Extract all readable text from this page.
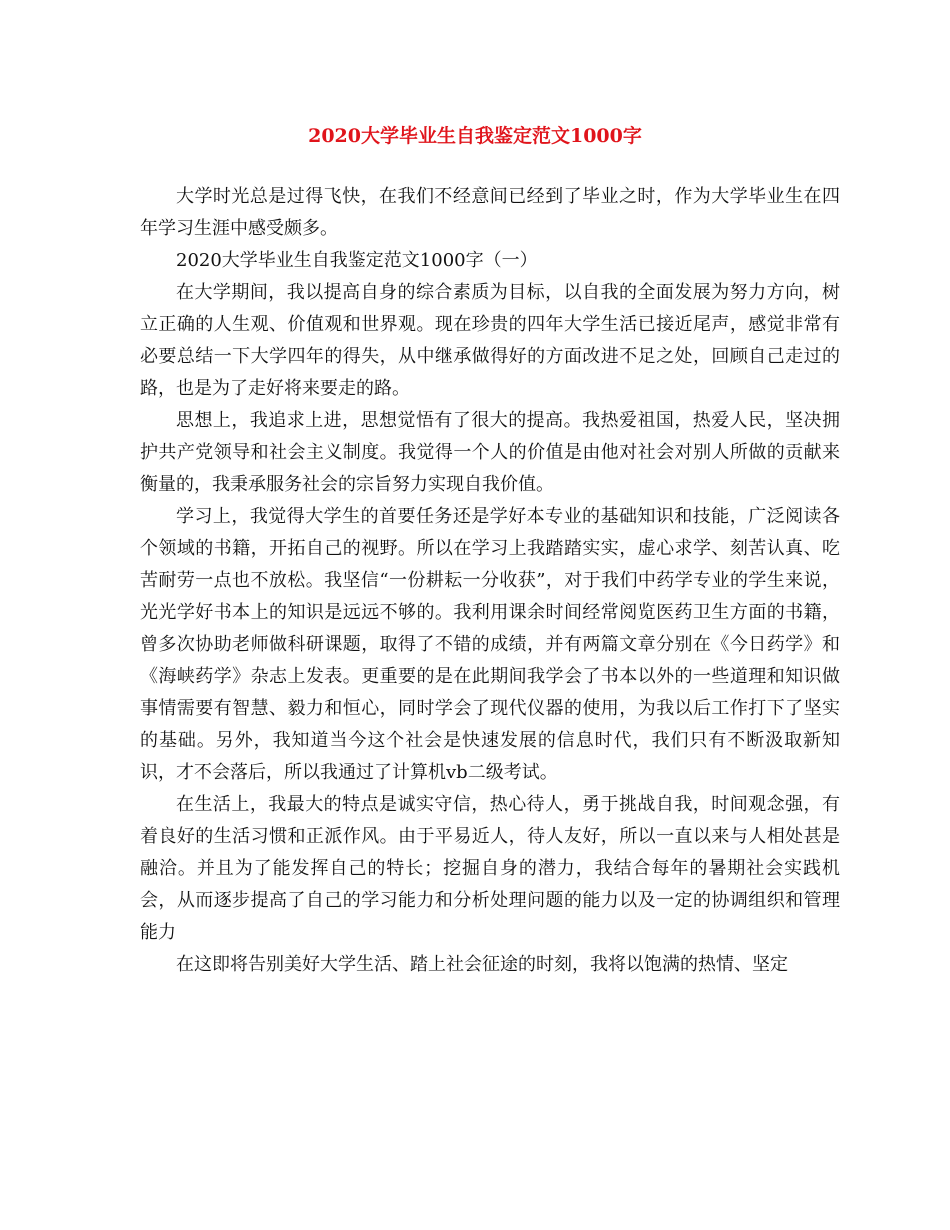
2020大学毕业生自我鉴定范文1000字

大学时光总是过得飞快，在我们不经意间已经到了毕业之时，作为大学毕业生在四年学习生涯中感受颇多。

2020大学毕业生自我鉴定范文1000字（一）

在大学期间，我以提高自身的综合素质为目标，以自我的全面发展为努力方向，树立正确的人生观、价值观和世界观。现在珍贵的四年大学生活已接近尾声，感觉非常有必要总结一下大学四年的得失，从中继承做得好的方面改进不足之处，回顾自己走过的路，也是为了走好将来要走的路。

思想上，我追求上进，思想觉悟有了很大的提高。我热爱祖国，热爱人民，坚决拥护共产党领导和社会主义制度。我觉得一个人的价值是由他对社会对别人所做的贡献来衡量的，我秉承服务社会的宗旨努力实现自我价值。

学习上，我觉得大学生的首要任务还是学好本专业的基础知识和技能，广泛阅读各个领域的书籍，开拓自己的视野。所以在学习上我踏踏实实，虚心求学、刻苦认真、吃苦耐劳一点也不放松。我坚信“一份耕耘一分收获”，对于我们中药学专业的学生来说，光光学好书本上的知识是远远不够的。我利用课余时间经常阅览医药卫生方面的书籍，曾多次协助老师做科研课题，取得了不错的成绩，并有两篇文章分别在《今日药学》和《海峡药学》杂志上发表。更重要的是在此期间我学会了书本以外的一些道理和知识做事情需要有智慧、毅力和恒心，同时学会了现代仪器的使用，为我以后工作打下了坚实的基础。另外，我知道当今这个社会是快速发展的信息时代，我们只有不断汲取新知识，才不会落后，所以我通过了计算机vb二级考试。

在生活上，我最大的特点是诚实守信，热心待人，勇于挑战自我，时间观念强，有着良好的生活习惯和正派作风。由于平易近人，待人友好，所以一直以来与人相处甚是融洽。并且为了能发挥自己的特长；挖掘自身的潜力，我结合每年的暑期社会实践机会，从而逐步提高了自己的学习能力和分析处理问题的能力以及一定的协调组织和管理能力

在这即将告别美好大学生活、踏上社会征途的时刻，我将以饱满的热情、坚定
